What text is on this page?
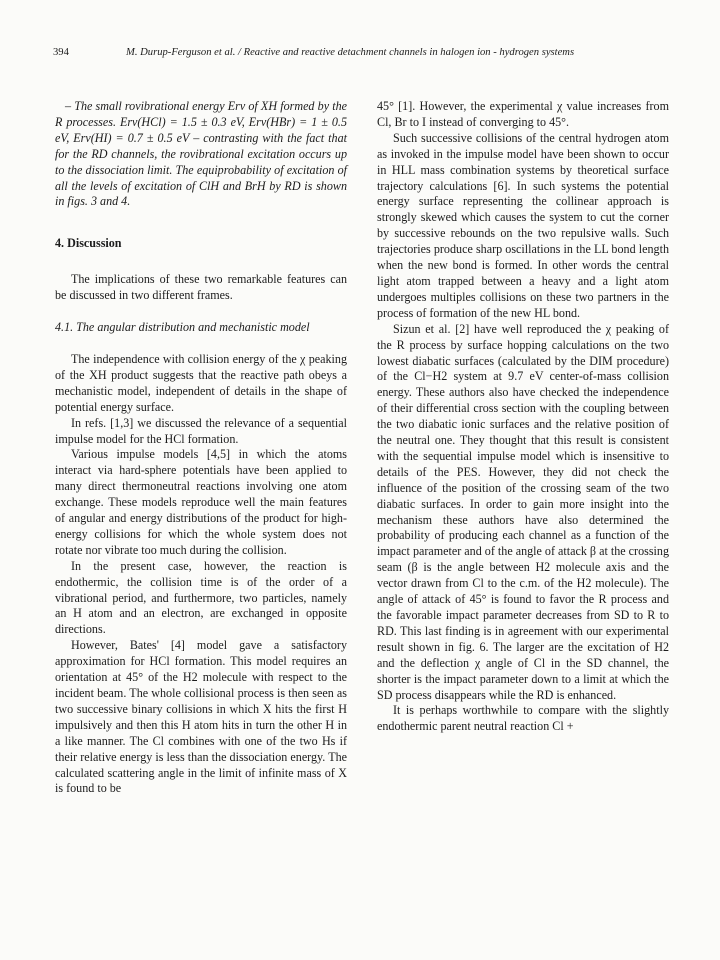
394	M. Durup-Ferguson et al. / Reactive and reactive detachment channels in halogen ion - hydrogen systems

– The small rovibrational energy Erv of XH formed by the R processes. Erv(HCl) = 1.5 ± 0.3 eV, Erv(HBr) = 1 ± 0.5 eV, Erv(HI) = 0.7 ± 0.5 eV – contrasting with the fact that for the RD channels, the rovibrational excitation occurs up to the dissociation limit. The equiprobability of excitation of all the levels of excitation of ClH and BrH by RD is shown in figs. 3 and 4.

4. Discussion

The implications of these two remarkable features can be discussed in two different frames.

4.1. The angular distribution and mechanistic model

The independence with collision energy of the χ peaking of the XH product suggests that the reactive path obeys a mechanistic model, independent of details in the shape of potential energy surface.

In refs. [1,3] we discussed the relevance of a sequential impulse model for the HCl formation.

Various impulse models [4,5] in which the atoms interact via hard-sphere potentials have been applied to many direct thermoneutral reactions involving one atom exchange. These models reproduce well the main features of angular and energy distributions of the product for high-energy collisions for which the whole system does not rotate nor vibrate too much during the collision.

In the present case, however, the reaction is endothermic, the collision time is of the order of a vibrational period, and furthermore, two particles, namely an H atom and an electron, are exchanged in opposite directions.

However, Bates' [4] model gave a satisfactory approximation for HCl formation. This model requires an orientation at 45° of the H2 molecule with respect to the incident beam. The whole collisional process is then seen as two successive binary collisions in which X hits the first H impulsively and then this H atom hits in turn the other H in a like manner. The Cl combines with one of the two Hs if their relative energy is less than the dissociation energy. The calculated scattering angle in the limit of infinite mass of X is found to be

45° [1]. However, the experimental χ value increases from Cl, Br to I instead of converging to 45°.

Such successive collisions of the central hydrogen atom as invoked in the impulse model have been shown to occur in HLL mass combination systems by theoretical surface trajectory calculations [6]. In such systems the potential energy surface representing the collinear approach is strongly skewed which causes the system to cut the corner by successive rebounds on the two repulsive walls. Such trajectories produce sharp oscillations in the LL bond length when the new bond is formed. In other words the central light atom trapped between a heavy and a light atom undergoes multiples collisions on these two partners in the process of formation of the new HL bond.

Sizun et al. [2] have well reproduced the χ peaking of the R process by surface hopping calculations on the two lowest diabatic surfaces (calculated by the DIM procedure) of the Cl−H2 system at 9.7 eV center-of-mass collision energy. These authors also have checked the independence of their differential cross section with the coupling between the two diabatic ionic surfaces and the relative position of the neutral one. They thought that this result is consistent with the sequential impulse model which is insensitive to details of the PES. However, they did not check the influence of the position of the crossing seam of the two diabatic surfaces. In order to gain more insight into the mechanism these authors have also determined the probability of producing each channel as a function of the impact parameter and of the angle of attack β at the crossing seam (β is the angle between H2 molecule axis and the vector drawn from Cl to the c.m. of the H2 molecule). The angle of attack of 45° is found to favor the R process and the favorable impact parameter decreases from SD to R to RD. This last finding is in agreement with our experimental result shown in fig. 6. The larger are the excitation of H2 and the deflection χ angle of Cl in the SD channel, the shorter is the impact parameter down to a limit at which the SD process disappears while the RD is enhanced.

It is perhaps worthwhile to compare with the slightly endothermic parent neutral reaction Cl +
